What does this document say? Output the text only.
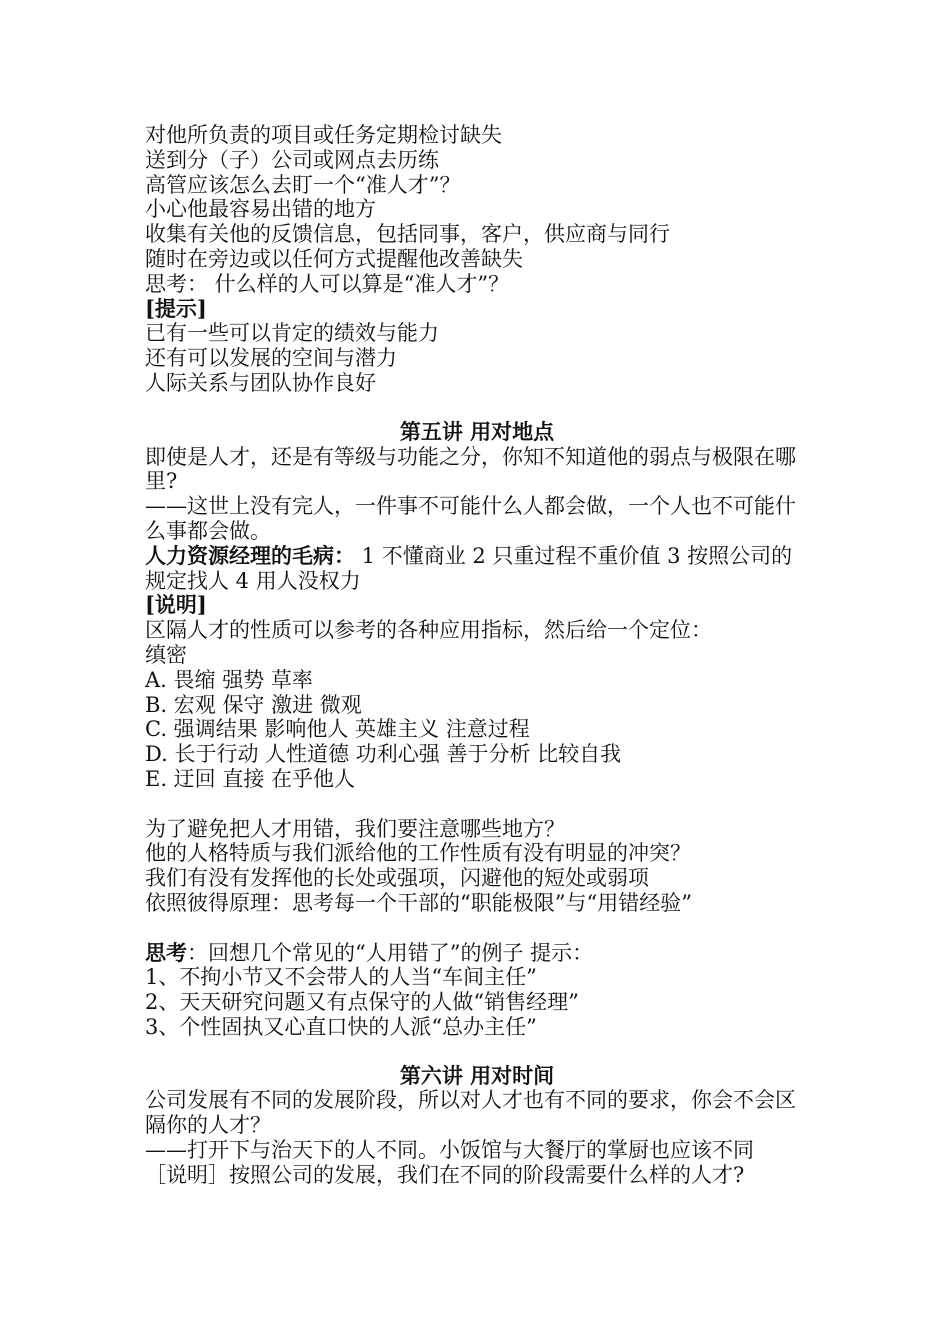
对他所负责的项目或任务定期检讨缺失
送到分（子）公司或网点去历练
高管应该怎么去盯一个“准人才”？
小心他最容易出错的地方
收集有关他的反馈信息，包括同事，客户，供应商与同行
随时在旁边或以任何方式提醒他改善缺失
思考： 什么样的人可以算是“准人才”？
[提示]
已有一些可以肯定的绩效与能力
还有可以发展的空间与潜力
人际关系与团队协作良好
第五讲 用对地点
即使是人才，还是有等级与功能之分，你知不知道他的弱点与极限在哪里?
——这世上没有完人，一件事不可能什么人都会做，一个人也不可能什么事都会做。
人力资源经理的毛病： 1 不懂商业 2 只重过程不重价值 3 按照公司的规定找人 4 用人没权力
[说明]
区隔人才的性质可以参考的各种应用指标，然后给一个定位：
缜密
A. 畏缩 强势 草率
B. 宏观 保守 激进 微观
C. 强调结果 影响他人 英雄主义 注意过程
D. 长于行动 人性道德 功利心强 善于分析 比较自我
E. 迂回 直接 在乎他人
为了避免把人才用错，我们要注意哪些地方？
他的人格特质与我们派给他的工作性质有没有明显的冲突？
我们有没有发挥他的长处或强项，闪避他的短处或弱项
依照彼得原理：思考每一个干部的“职能极限”与“用错经验”
思考：回想几个常见的“人用错了”的例子 提示：
1、不拘小节又不会带人的人当“车间主任”
2、天天研究问题又有点保守的人做“销售经理”
3、个性固执又心直口快的人派“总办主任”
第六讲 用对时间
公司发展有不同的发展阶段，所以对人才也有不同的要求，你会不会区隔你的人才？
——打开下与治天下的人不同。小饭馆与大餐厅的掌厨也应该不同
［说明］按照公司的发展，我们在不同的阶段需要什么样的人才?
